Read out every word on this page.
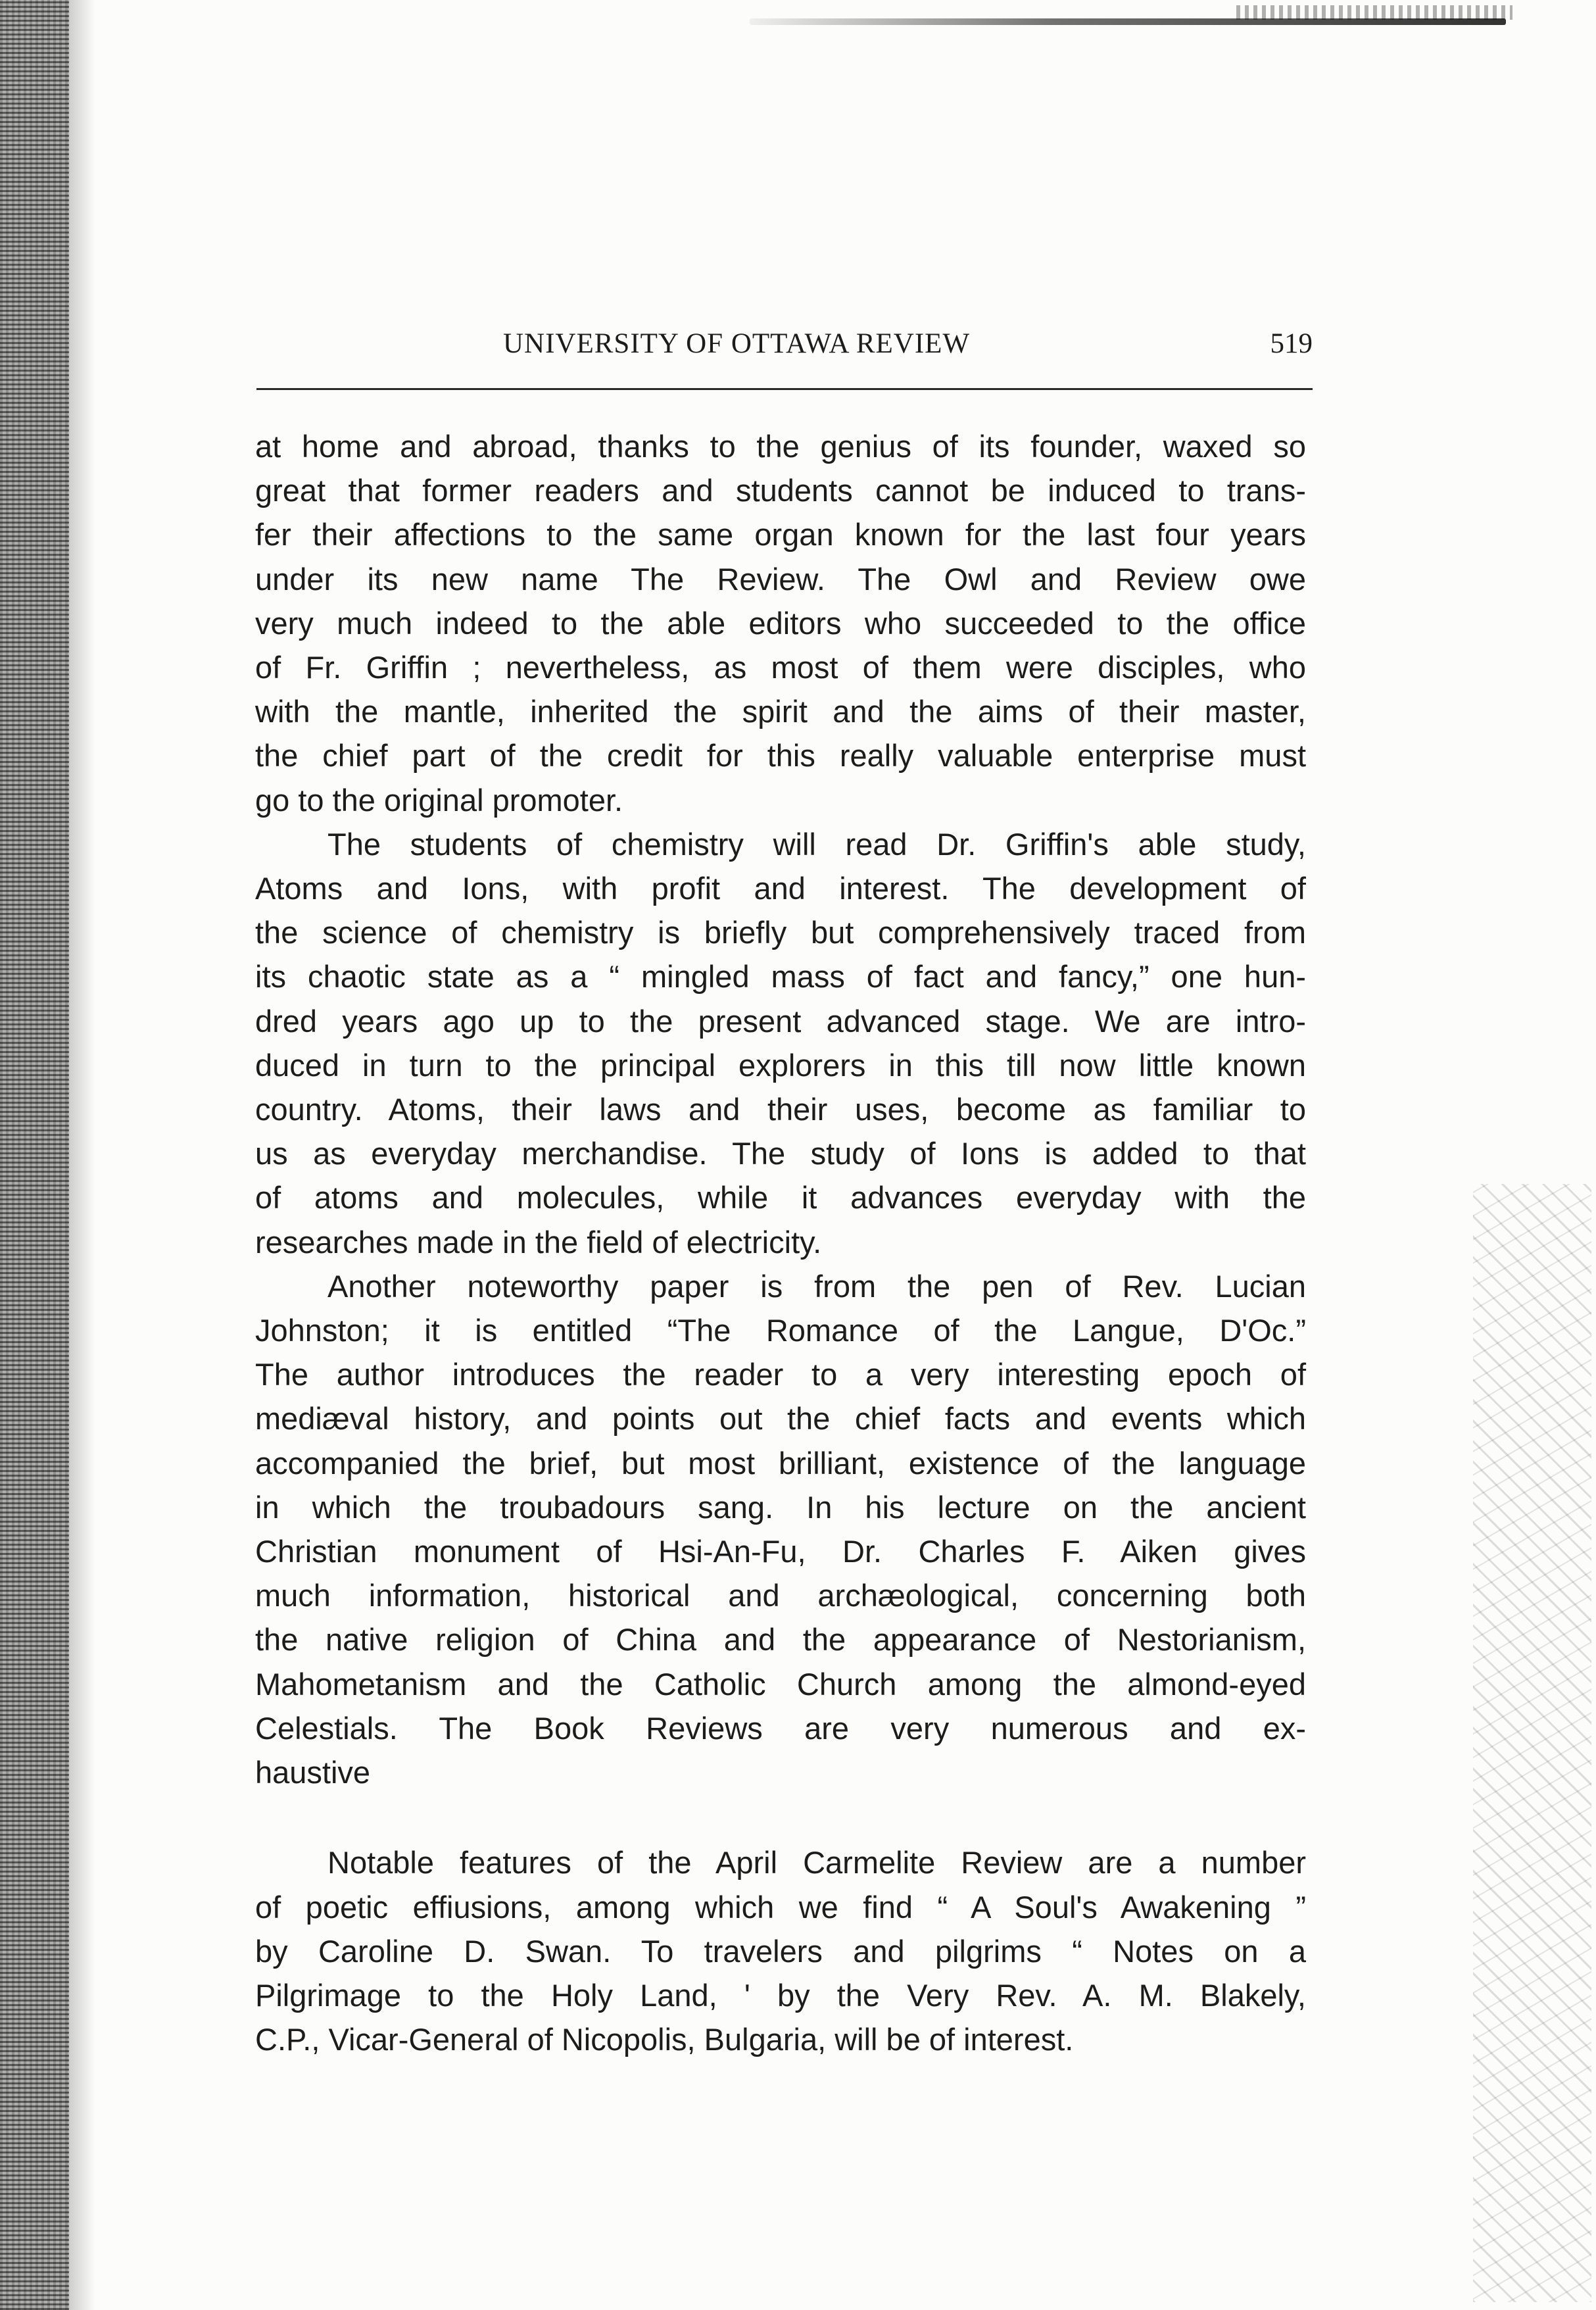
UNIVERSITY OF OTTAWA REVIEW	519
at home and abroad, thanks to the genius of its founder, waxed so
great that former readers and students cannot be induced to trans-
fer their affections to the same organ known for the last four years
under its new name The Review. The Owl and Review owe
very much indeed to the able editors who succeeded to the office
of Fr. Griffin ; nevertheless, as most of them were disciples, who
with the mantle, inherited the spirit and the aims of their master,
the chief part of the credit for this really valuable enterprise must
go to the original promoter.
The students of chemistry will read Dr. Griffin's able study,
Atoms and Ions, with profit and interest. The development of
the science of chemistry is briefly but comprehensively traced from
its chaotic state as a “ mingled mass of fact and fancy,” one hun-
dred years ago up to the present advanced stage. We are intro-
duced in turn to the principal explorers in this till now little known
country. Atoms, their laws and their uses, become as familiar to
us as everyday merchandise. The study of Ions is added to that
of atoms and molecules, while it advances everyday with the
researches made in the field of electricity.
Another noteworthy paper is from the pen of Rev. Lucian
Johnston; it is entitled “The Romance of the Langue, D'Oc.”
The author introduces the reader to a very interesting epoch of
mediæval history, and points out the chief facts and events which
accompanied the brief, but most brilliant, existence of the language
in which the troubadours sang. In his lecture on the ancient
Christian monument of Hsi-An-Fu, Dr. Charles F. Aiken gives
much information, historical and archæological, concerning both
the native religion of China and the appearance of Nestorianism,
Mahometanism and the Catholic Church among the almond-eyed
Celestials. The Book Reviews are very numerous and ex-
haustive
Notable features of the April Carmelite Review are a number
of poetic effiusions, among which we find “ A Soul's Awakening ”
by Caroline D. Swan. To travelers and pilgrims “ Notes on a
Pilgrimage to the Holy Land, ' by the Very Rev. A. M. Blakely,
C.P., Vicar-General of Nicopolis, Bulgaria, will be of interest.
